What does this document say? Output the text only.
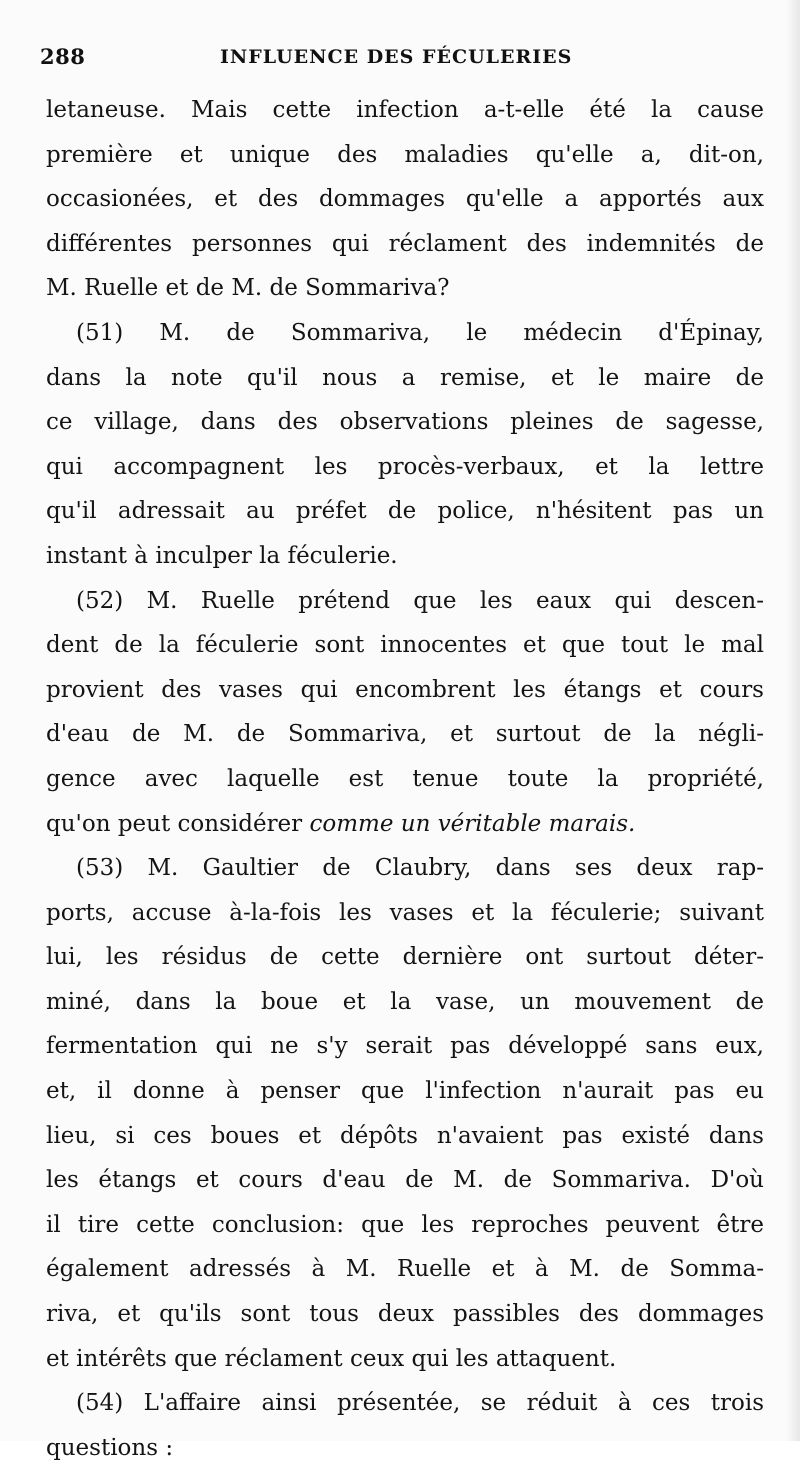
288	INFLUENCE DES FÉCULERIES
letaneuse. Mais cette infection a-t-elle été la cause
première et unique des maladies qu'elle a, dit-on,
occasionées, et des dommages qu'elle a apportés aux
différentes personnes qui réclament des indemnités de
M. Ruelle et de M. de Sommariva?
(51) M. de Sommariva, le médecin d'Épinay,
dans la note qu'il nous a remise, et le maire de
ce village, dans des observations pleines de sagesse,
qui accompagnent les procès-verbaux, et la lettre
qu'il adressait au préfet de police, n'hésitent pas un
instant à inculper la féculerie.
(52) M. Ruelle prétend que les eaux qui descen-
dent de la féculerie sont innocentes et que tout le mal
provient des vases qui encombrent les étangs et cours
d'eau de M. de Sommariva, et surtout de la négli-
gence avec laquelle est tenue toute la propriété,
qu'on peut considérer comme un véritable marais.
(53) M. Gaultier de Claubry, dans ses deux rap-
ports, accuse à-la-fois les vases et la féculerie; suivant
lui, les résidus de cette dernière ont surtout déter-
miné, dans la boue et la vase, un mouvement de
fermentation qui ne s'y serait pas développé sans eux,
et, il donne à penser que l'infection n'aurait pas eu
lieu, si ces boues et dépôts n'avaient pas existé dans
les étangs et cours d'eau de M. de Sommariva. D'où
il tire cette conclusion: que les reproches peuvent être
également adressés à M. Ruelle et à M. de Somma-
riva, et qu'ils sont tous deux passibles des dommages
et intérêts que réclament ceux qui les attaquent.
(54) L'affaire ainsi présentée, se réduit à ces trois
questions :
